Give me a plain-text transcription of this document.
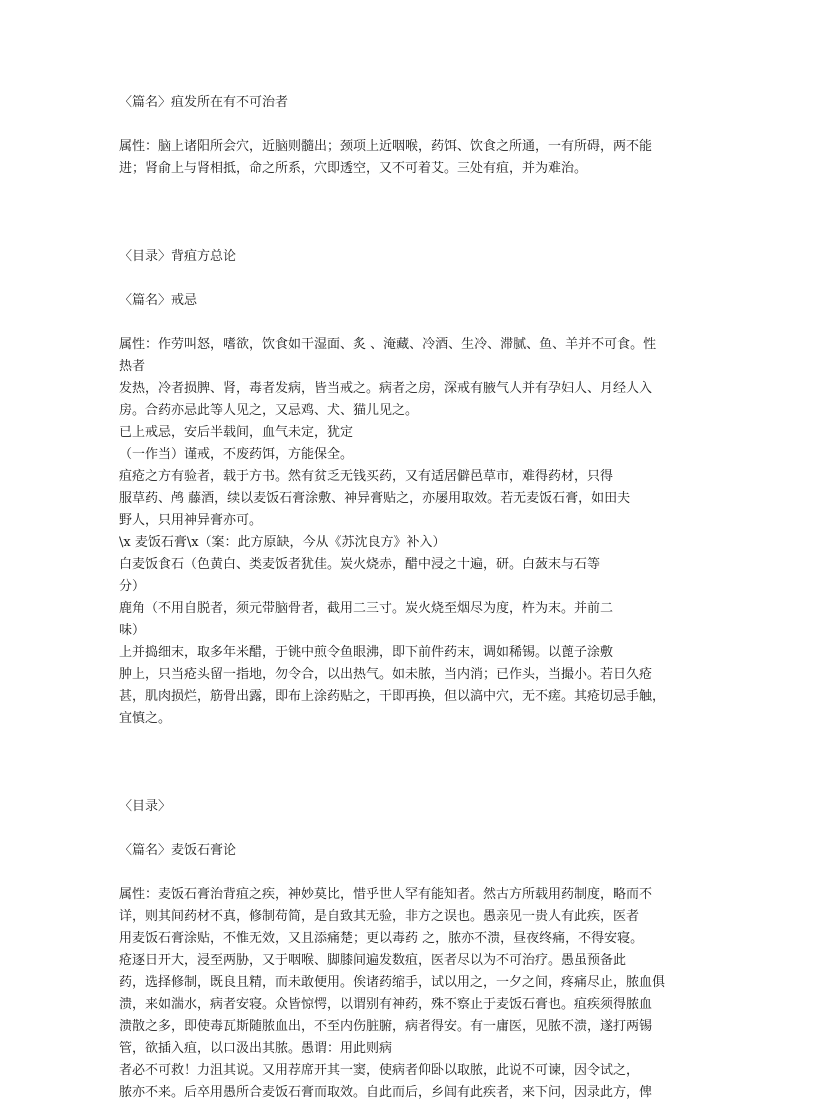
〈篇名〉疽发所在有不可治者
属性：脑上诸阳所会穴，近脑则髓出；颈项上近咽喉，药饵、饮食之所通，一有所碍，两不能
进；肾俞上与肾相抵，命之所系，穴即透空，又不可着艾。三处有疽，并为难治。
〈目录〉背疽方总论
〈篇名〉戒忌
属性：作劳叫怒，嗜欲，饮食如干湿面、炙 、淹藏、冷酒、生冷、滞腻、鱼、羊并不可食。性
热者
发热，冷者损脾、肾，毒者发病，皆当戒之。病者之房，深戒有腋气人并有孕妇人、月经人入
房。合药亦忌此等人见之，又忌鸡、犬、猫儿见之。
已上戒忌，安后半载间，血气未定，犹定
（一作当）谨戒，不废药饵，方能保全。
疽疮之方有验者，载于方书。然有贫乏无钱买药，又有适居僻邑草市，难得药材，只得
服草药、鸬 藤酒，续以麦饭石膏涂敷、神异膏贴之，亦屡用取效。若无麦饭石膏，如田夫
野人，只用神异膏亦可。
\x 麦饭石膏\x（案：此方原缺，今从《苏沈良方》补入）
白麦饭食石（色黄白、类麦饭者犹佳。炭火烧赤，醋中浸之十遍，研。白蔹末与石等
分）
鹿角（不用自脱者，须元带脑骨者，截用二三寸。炭火烧至烟尽为度，杵为末。并前二
味）
上并捣细末，取多年米醋，于铫中煎令鱼眼沸，即下前件药末，调如稀锡。以蓖子涂敷
肿上，只当疮头留一指地，勿令合，以出热气。如未脓，当内消；已作头，当撮小。若日久疮
甚，肌肉损烂，筋骨出露，即布上涂药贴之，干即再换，但以滈中穴，无不瘥。其疮切忌手触，
宜慎之。
〈目录〉
〈篇名〉麦饭石膏论
属性：麦饭石膏治背疽之疾，神妙莫比，惜乎世人罕有能知者。然古方所载用药制度，略而不
详，则其间药材不真，修制苟简，是自致其无验，非方之误也。愚亲见一贵人有此疾，医者
用麦饭石膏涂贴，不惟无效，又且添痛楚；更以毒药 之，脓亦不溃，昼夜终痛，不得安寝。
疮逐日开大，浸至两胁，又于咽喉、脚膝间遍发数疽，医者尽以为不可治疗。愚虽预备此
药，选择修制，既良且精，而未敢便用。俟诸药缩手，试以用之，一夕之间，疼痛尽止，脓血俱
溃，来如湍水，病者安寝。众皆惊愕，以谓别有神药，殊不察止于麦饭石膏也。疽疾须得脓血
溃散之多，即使毒瓦斯随脓血出，不至内伤脏腑，病者得安。有一庸医，见脓不溃，遂打两锡
管，欲插入疽，以口汲出其脓。愚谓：用此则病
者必不可救！力沮其说。又用荐席开其一窦，使病者仰卧以取脓，此说不可谏，因令试之，
脓亦不来。后卒用愚所合麦饭石膏而取效。自此而后，乡闾有此疾者，来下问，因录此方，俾
